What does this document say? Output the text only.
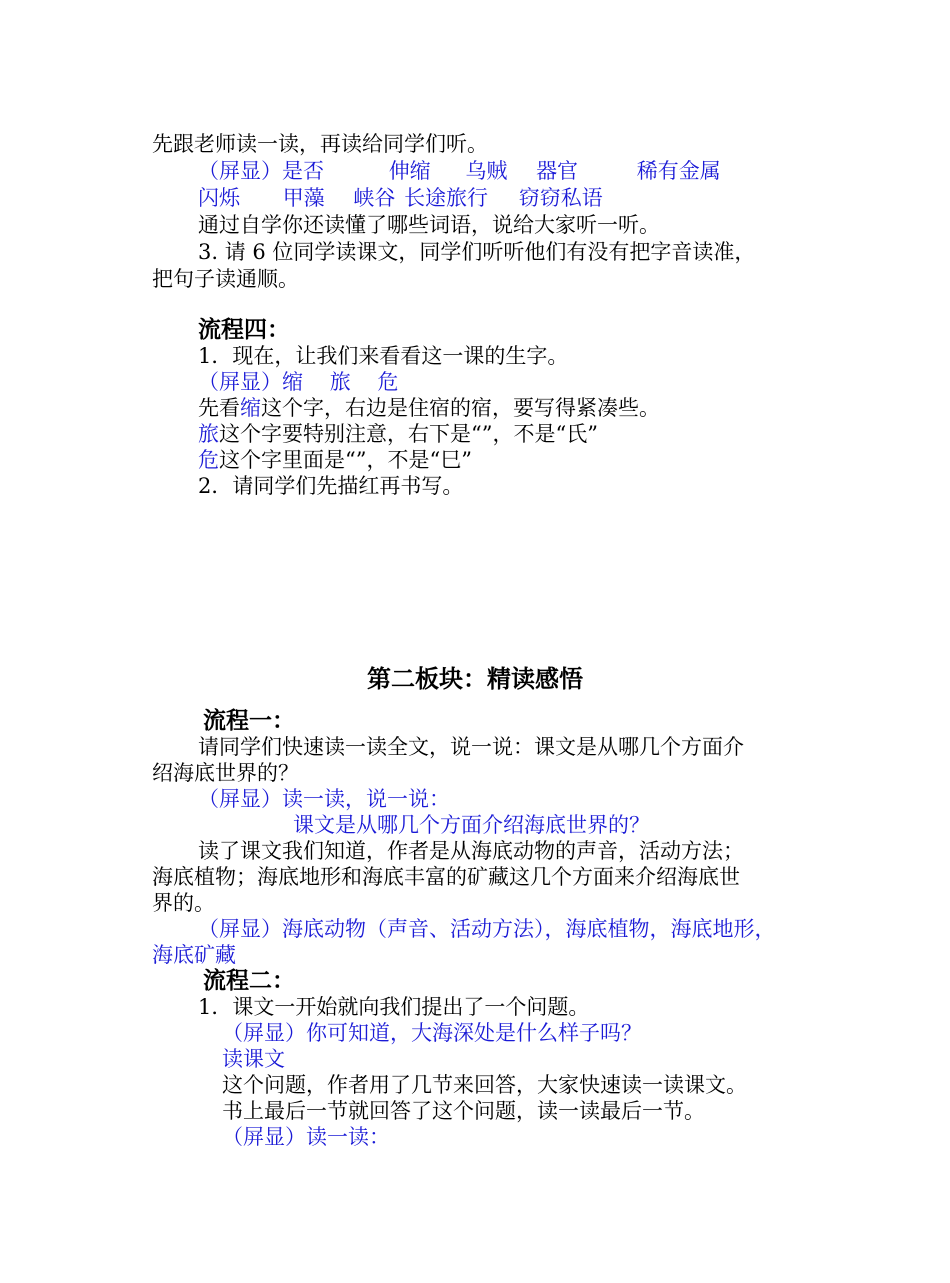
先跟老师读一读，再读给同学们听。
（屏显）是否	伸缩 乌贼 器官	稀有金属
闪烁 甲藻 峡谷 长途旅行 窃窃私语
通过自学你还读懂了哪些词语，说给大家听一听。
3. 请 6 位同学读课文，同学们听听他们有没有把字音读准，
把句子读通顺。
流程四：
1．现在，让我们来看看这一课的生字。
（屏显）缩 旅 危
先看缩这个字，右边是住宿的宿，要写得紧凑些。
旅这个字要特别注意，右下是“”，不是“氏”
危这个字里面是“”，不是“巳”
2．请同学们先描红再书写。
第二板块：精读感悟
流程一：
请同学们快速读一读全文，说一说：课文是从哪几个方面介
绍海底世界的？
（屏显）读一读，说一说：
课文是从哪几个方面介绍海底世界的？
读了课文我们知道，作者是从海底动物的声音，活动方法；
海底植物；海底地形和海底丰富的矿藏这几个方面来介绍海底世
界的。
（屏显）海底动物（声音、活动方法），海底植物，海底地形，
海底矿藏
流程二：
1．课文一开始就向我们提出了一个问题。
（屏显）你可知道，大海深处是什么样子吗？
读课文
这个问题，作者用了几节来回答，大家快速读一读课文。
书上最后一节就回答了这个问题，读一读最后一节。
（屏显）读一读：
